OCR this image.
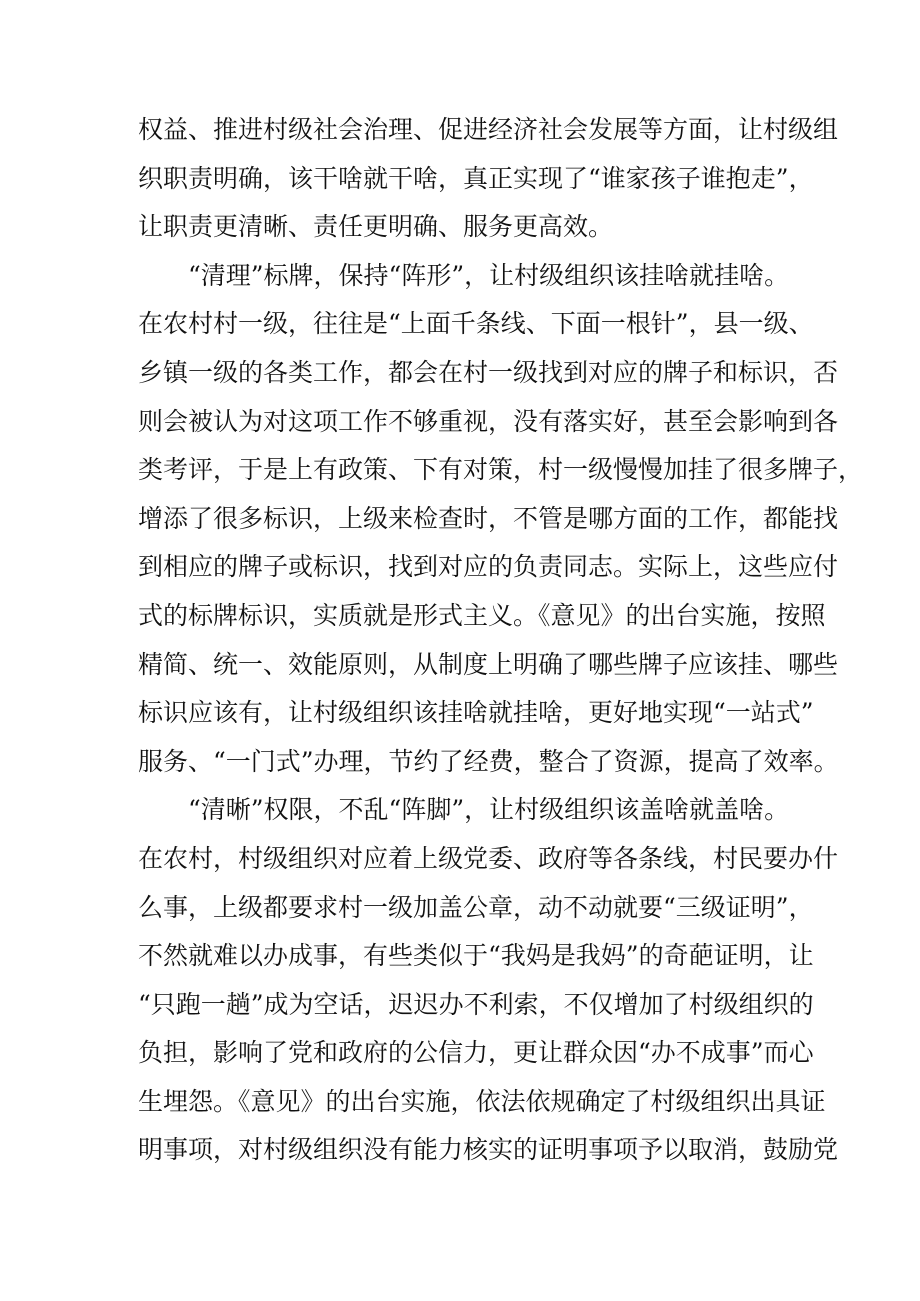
权益、推进村级社会治理、促进经济社会发展等方面，让村级组
织职责明确，该干啥就干啥，真正实现了“谁家孩子谁抱走”，
让职责更清晰、责任更明确、服务更高效。
“清理”标牌，保持“阵形”，让村级组织该挂啥就挂啥。
在农村村一级，往往是“上面千条线、下面一根针”，县一级、
乡镇一级的各类工作，都会在村一级找到对应的牌子和标识，否
则会被认为对这项工作不够重视，没有落实好，甚至会影响到各
类考评，于是上有政策、下有对策，村一级慢慢加挂了很多牌子，
增添了很多标识，上级来检查时，不管是哪方面的工作，都能找
到相应的牌子或标识，找到对应的负责同志。实际上，这些应付
式的标牌标识，实质就是形式主义。《意见》的出台实施，按照
精简、统一、效能原则，从制度上明确了哪些牌子应该挂、哪些
标识应该有，让村级组织该挂啥就挂啥，更好地实现“一站式”
服务、“一门式”办理，节约了经费，整合了资源，提高了效率。
“清晰”权限，不乱“阵脚”，让村级组织该盖啥就盖啥。
在农村，村级组织对应着上级党委、政府等各条线，村民要办什
么事，上级都要求村一级加盖公章，动不动就要“三级证明”，
不然就难以办成事，有些类似于“我妈是我妈”的奇葩证明，让
“只跑一趟”成为空话，迟迟办不利索，不仅增加了村级组织的
负担，影响了党和政府的公信力，更让群众因“办不成事”而心
生埋怨。《意见》的出台实施，依法依规确定了村级组织出具证
明事项，对村级组织没有能力核实的证明事项予以取消，鼓励党
